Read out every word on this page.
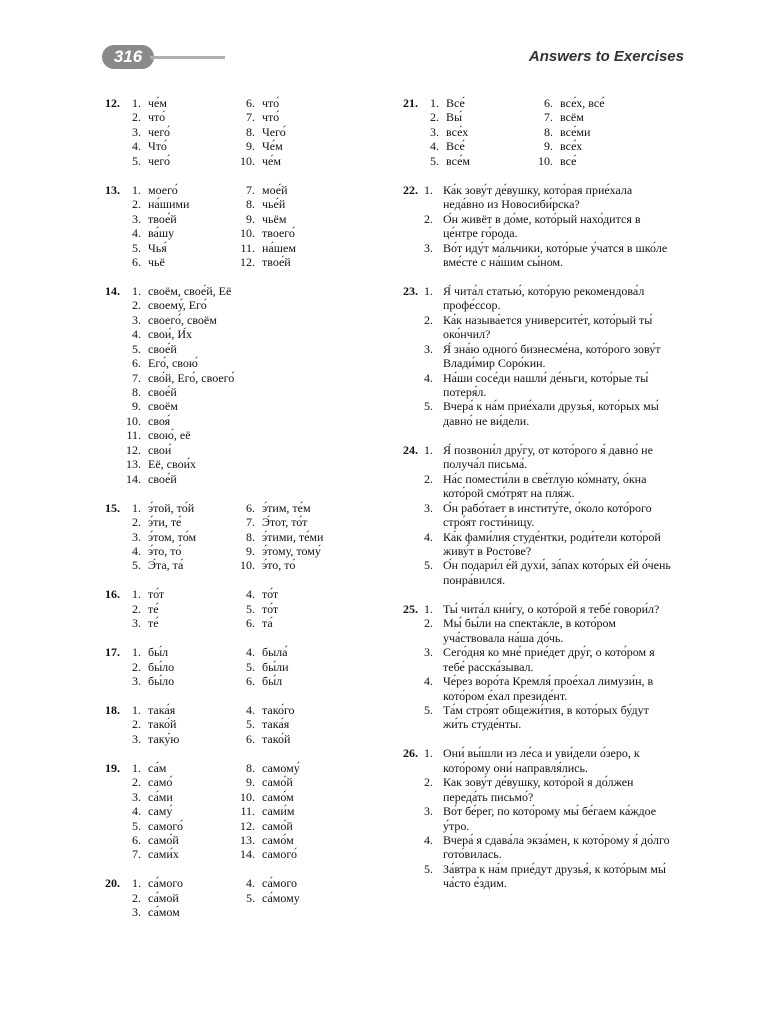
316	Answers to Exercises
12.	1. че́м
2. что́
3. чего́
4. Что́
5. чего́
6. что́
7. что́
8. Чего́
9. Че́м
10. че́м
13.	1. моего́
2. на́шими
3. твое́й
4. ва́шу
5. Чья́
6. чьё
7. мое́й
8. чье́й
9. чьём
10. твоего́
11. на́шем
12. твое́й
14.	1. своём, свое́й, Её
2. своему́, Его́
3. своего́, своём
4. свои́, И́х
5. свое́й
6. Его́, свою́
7. сво́й, Его́, своего́
8. свое́й
9. своём
10. своя́
11. свою́, её
12. свои́
13. Её, свои́х
14. свое́й
15.	1. э́той, то́й
2. э́ти, те́
3. э́том, то́м
4. э́то, то́
5. Э́та, та́
6. э́тим, те́м
7. Э́тот, то́т
8. э́тими, те́ми
9. э́тому, тому́
10. э́то, то́
16.	1. то́т
2. те́
3. те́
4. то́т
5. то́т
6. та́
17.	1. бы́л
2. бы́ло
3. бы́ло
4. была́
5. бы́ли
6. бы́л
18.	1. така́я
2. тако́й
3. таку́ю
4. тако́го
5. така́я
6. тако́й
19.	1. са́м
2. само́
3. са́ми
4. саму́
5. самого́
6. само́й
7. сами́х
8. самому́
9. само́й
10. само́м
11. сами́м
12. само́й
13. само́м
14. самого́
20.	1. са́мого
2. са́мой
3. са́мом
4. са́мого
5. са́мому
21.	1. Все́
2. Вы́
3. все́х
4. Все́
5. все́м
6. все́х, все́
7. всём
8. все́ми
9. все́х
10. все́
22. 1. Ка́к зову́т де́вушку, кото́рая прие́хала неда́вно из Новосиби́рска?
2. О́н живёт в до́ме, кото́рый нахо́дится в це́нтре го́рода.
3. Во́т иду́т ма́льчики, кото́рые у́чатся в шко́ле вме́сте с на́шим сы́ном.
23. 1. Я́ чита́л статью́, кото́рую рекомендова́л профе́ссор.
2. Ка́к называ́ется университе́т, кото́рый ты́ око́нчил?
3. Я́ зна́ю одного́ бизнесме́на, кото́рого зову́т Влади́мир Соро́кин.
4. На́ши сосе́ди нашли́ де́ньги, кото́рые ты́ потеря́л.
5. Вчера́ к на́м прие́хали друзья́, кото́рых мы́ давно́ не ви́дели.
24. 1. Я́ позвони́л дру́гу, от кото́рого я́ давно́ не получа́л письма́.
2. На́с помести́ли в све́тлую ко́мнату, о́кна кото́рой смо́трят на пля́ж.
3. О́н рабо́тает в институ́те, о́коло кото́рого стро́ят гости́ницу.
4. Ка́к фами́лия студе́нтки, роди́тели кото́рой живу́т в Росто́ве?
5. О́н подари́л е́й духи́, за́пах кото́рых е́й о́чень понра́вился.
25. 1. Ты́ чита́л кни́гу, о кото́рой я тебе́ говори́л?
2. Мы́ бы́ли на спекта́кле, в кото́ром уча́ствовала на́ша до́чь.
3. Сего́дня ко мне́ прие́дет дру́г, о кото́ром я тебе́ расска́зывал.
4. Че́рез воро́та Кремля́ прое́хал лимузи́н, в кото́ром е́хал президе́нт.
5. Та́м стро́ят общежи́тия, в кото́рых бу́дут жи́ть студе́нты.
26. 1. Они́ вы́шли из ле́са и уви́дели о́зеро, к кото́рому они́ направля́лись.
2. Как зову́т де́вушку, кото́рой я до́лжен переда́ть письмо́?
3. Во́т бе́рег, по кото́рому мы́ бе́гаем ка́ждое у́тро.
4. Вчера́ я сдава́ла экза́мен, к кото́рому я́ до́лго гото́вилась.
5. За́втра к на́м прие́дут друзья́, к кото́рым мы́ ча́сто е́здим.
